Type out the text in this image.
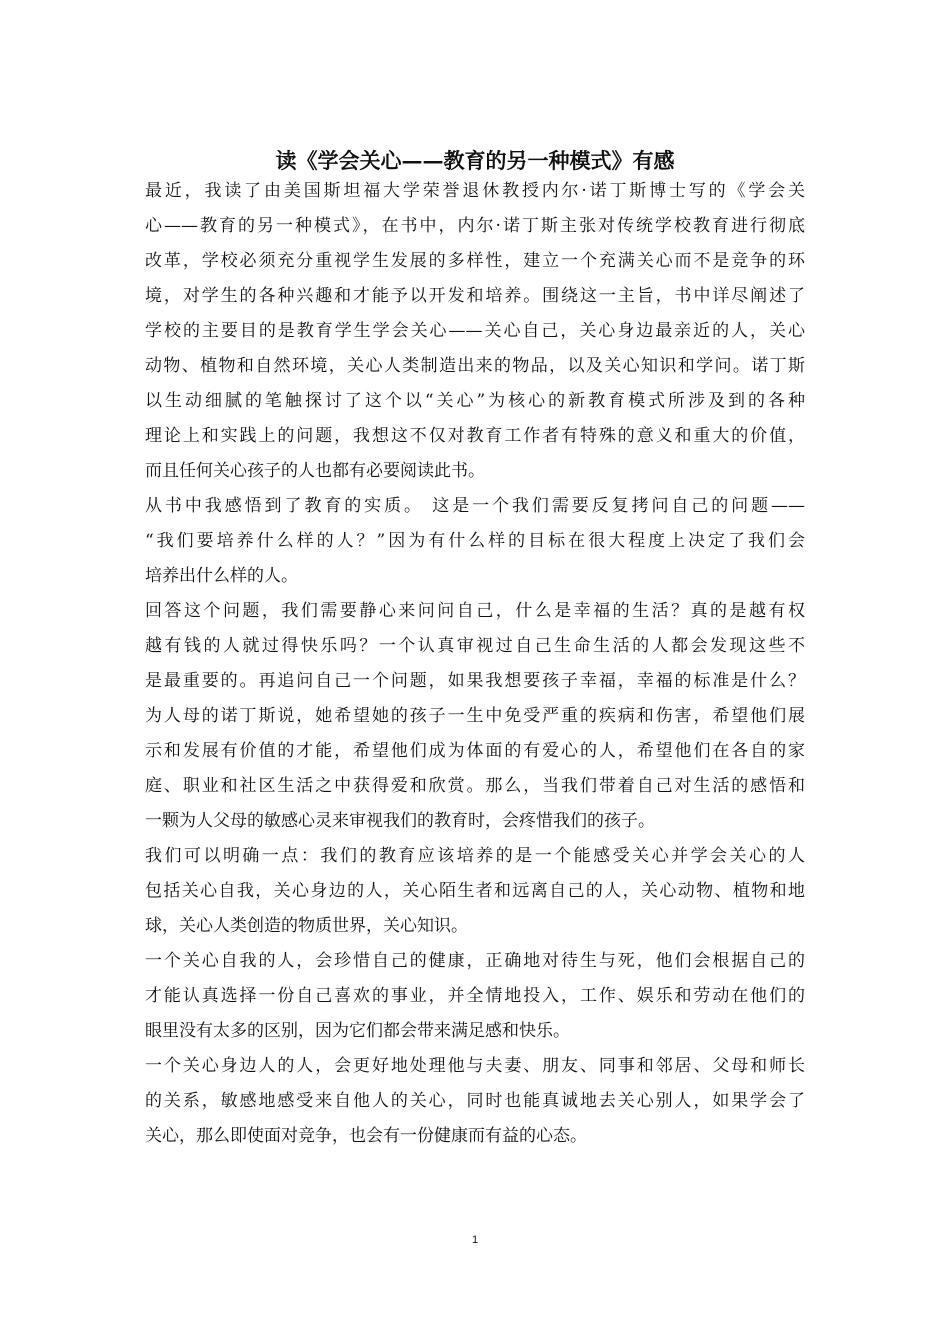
读《学会关心——教育的另一种模式》有感
最近，我读了由美国斯坦福大学荣誉退休教授内尔·诺丁斯博士写的《学会关
心——教育的另一种模式》，在书中，内尔·诺丁斯主张对传统学校教育进行彻底
改革，学校必须充分重视学生发展的多样性，建立一个充满关心而不是竞争的环
境，对学生的各种兴趣和才能予以开发和培养。围绕这一主旨，书中详尽阐述了
学校的主要目的是教育学生学会关心——关心自己，关心身边最亲近的人，关心
动物、植物和自然环境，关心人类制造出来的物品，以及关心知识和学问。诺丁斯
以生动细腻的笔触探讨了这个以“关心”为核心的新教育模式所涉及到的各种
理论上和实践上的问题，我想这不仅对教育工作者有特殊的意义和重大的价值，
而且任何关心孩子的人也都有必要阅读此书。
从书中我感悟到了教育的实质。 这是一个我们需要反复拷问自己的问题——
“我们要培养什么样的人？”因为有什么样的目标在很大程度上决定了我们会
培养出什么样的人。
回答这个问题，我们需要静心来问问自己，什么是幸福的生活？真的是越有权
越有钱的人就过得快乐吗？一个认真审视过自己生命生活的人都会发现这些不
是最重要的。再追问自己一个问题，如果我想要孩子幸福，幸福的标准是什么？
为人母的诺丁斯说，她希望她的孩子一生中免受严重的疾病和伤害，希望他们展
示和发展有价值的才能，希望他们成为体面的有爱心的人，希望他们在各自的家
庭、职业和社区生活之中获得爱和欣赏。那么，当我们带着自己对生活的感悟和
一颗为人父母的敏感心灵来审视我们的教育时，会疼惜我们的孩子。
我们可以明确一点：我们的教育应该培养的是一个能感受关心并学会关心的人
包括关心自我，关心身边的人，关心陌生者和远离自己的人，关心动物、植物和地
球，关心人类创造的物质世界，关心知识。
一个关心自我的人，会珍惜自己的健康，正确地对待生与死，他们会根据自己的
才能认真选择一份自己喜欢的事业，并全情地投入，工作、娱乐和劳动在他们的
眼里没有太多的区别，因为它们都会带来满足感和快乐。
一个关心身边人的人，会更好地处理他与夫妻、朋友、同事和邻居、父母和师长
的关系，敏感地感受来自他人的关心，同时也能真诚地去关心别人，如果学会了
关心，那么即使面对竞争，也会有一份健康而有益的心态。
1
